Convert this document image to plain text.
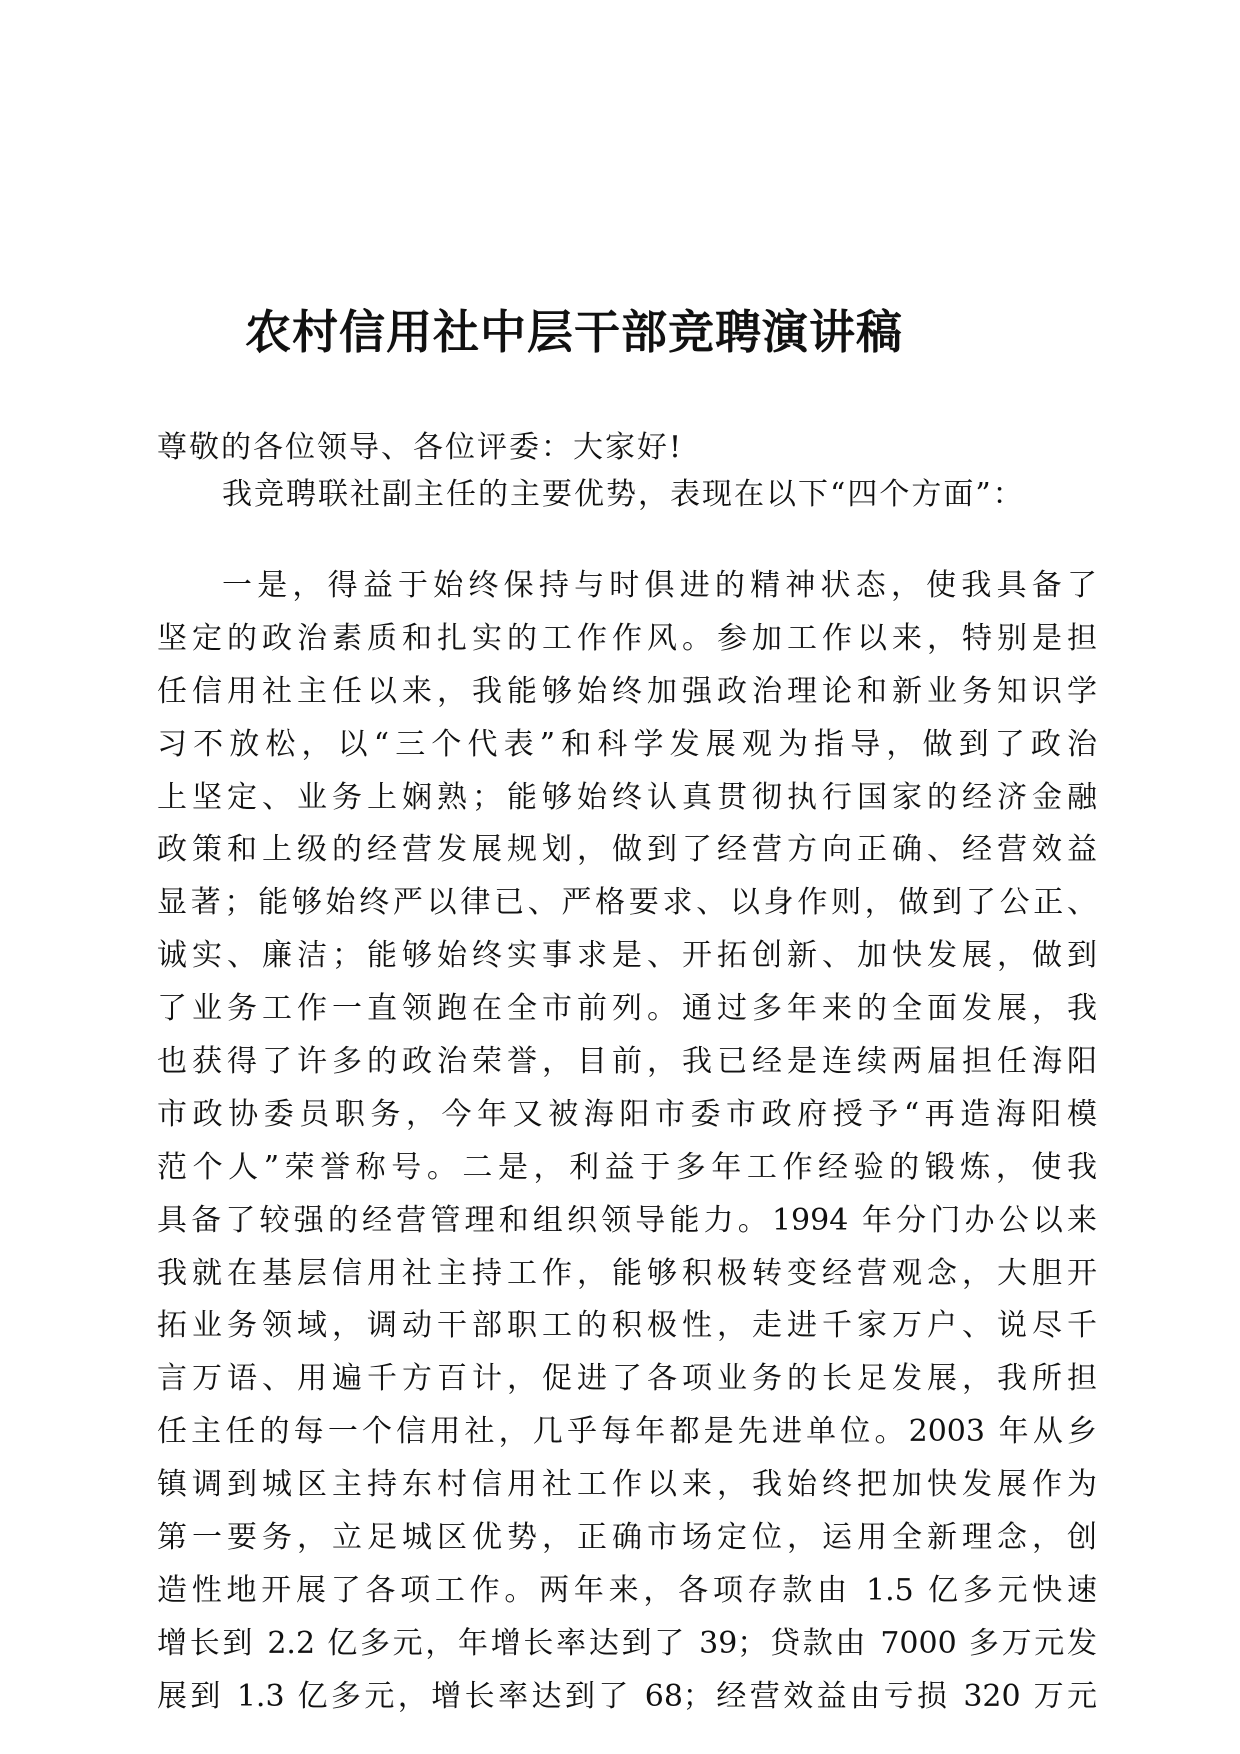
农村信用社中层干部竞聘演讲稿

尊敬的各位领导、各位评委：大家好!

我竞聘联社副主任的主要优势，表现在以下“四个方面”：

一是，得益于始终保持与时俱进的精神状态，使我具备了
坚定的政治素质和扎实的工作作风。参加工作以来，特别是担
任信用社主任以来，我能够始终加强政治理论和新业务知识学
习不放松，以“三个代表”和科学发展观为指导，做到了政治
上坚定、业务上娴熟；能够始终认真贯彻执行国家的经济金融
政策和上级的经营发展规划，做到了经营方向正确、经营效益
显著；能够始终严以律已、严格要求、以身作则，做到了公正、
诚实、廉洁；能够始终实事求是、开拓创新、加快发展，做到
了业务工作一直领跑在全市前列。通过多年来的全面发展，我
也获得了许多的政治荣誉，目前，我已经是连续两届担任海阳
市政协委员职务，今年又被海阳市委市政府授予“再造海阳模
范个人”荣誉称号。二是，利益于多年工作经验的锻炼，使我
具备了较强的经营管理和组织领导能力。1994 年分门办公以来
我就在基层信用社主持工作，能够积极转变经营观念，大胆开
拓业务领域，调动干部职工的积极性，走进千家万户、说尽千
言万语、用遍千方百计，促进了各项业务的长足发展，我所担
任主任的每一个信用社，几乎每年都是先进单位。2003 年从乡
镇调到城区主持东村信用社工作以来，我始终把加快发展作为
第一要务，立足城区优势，正确市场定位，运用全新理念，创
造性地开展了各项工作。两年来，各项存款由 1.5 亿多元快速
增长到 2.2 亿多元，年增长率达到了 39；贷款由 7000 多万元发
展到 1.3 亿多元，增长率达到了 68；经营效益由亏损 320 万元
